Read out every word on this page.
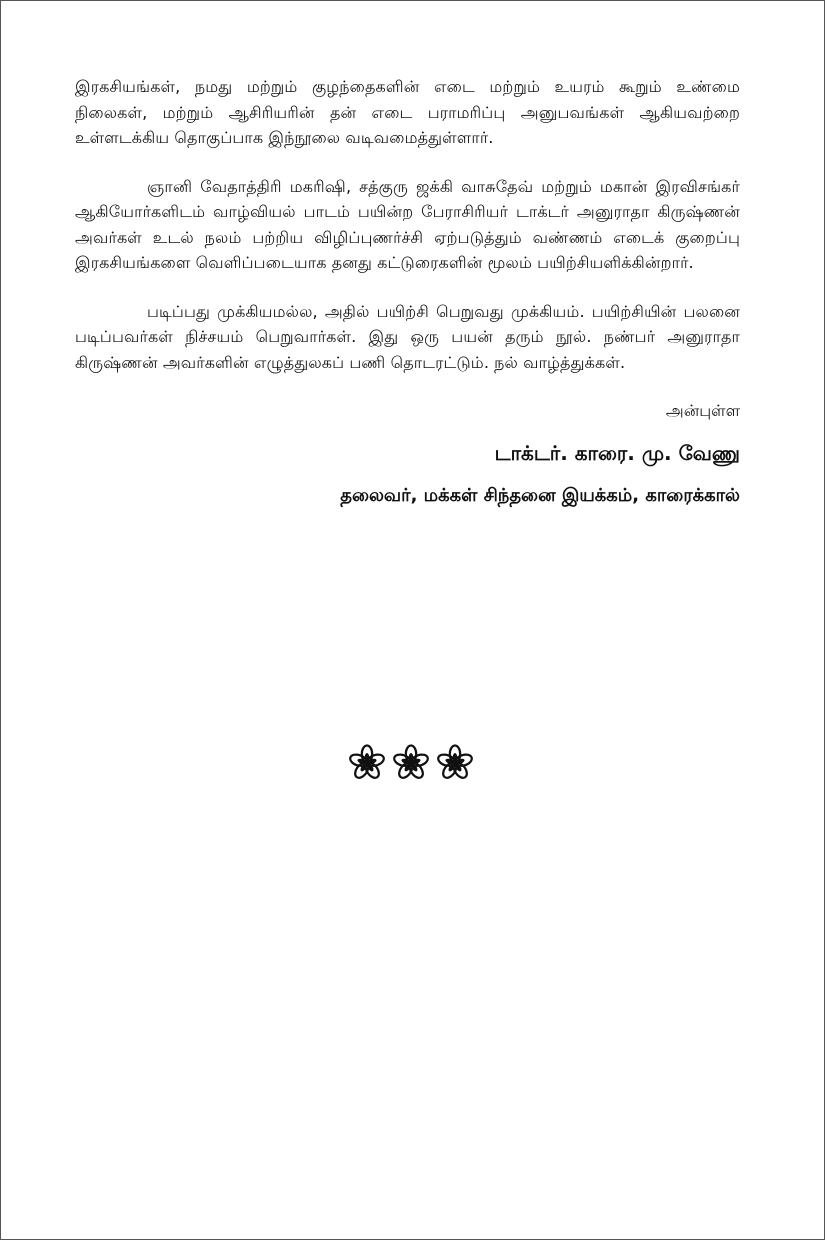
இரகசியங்கள், நமது மற்றும் குழந்தைகளின் எடை மற்றும் உயரம் கூறும் உண்மை நிலைகள், மற்றும் ஆசிரியரின் தன் எடை பராமரிப்பு அனுபவங்கள் ஆகியவற்றை உள்ளடக்கிய தொகுப்பாக இந்நூலை வடிவமைத்துள்ளார்.

ஞானி வேதாத்திரி மகரிஷி, சத்குரு ஜக்கி வாசுதேவ் மற்றும் மகான் இரவிசங்கர் ஆகியோர்களிடம் வாழ்வியல் பாடம் பயின்ற பேராசிரியர் டாக்டர் அனுராதா கிருஷ்ணன் அவர்கள் உடல் நலம் பற்றிய விழிப்புணர்ச்சி ஏற்படுத்தும் வண்ணம் எடைக் குறைப்பு இரகசியங்களை வெளிப்படையாக தனது கட்டுரைகளின் மூலம் பயிற்சியளிக்கின்றார்.

படிப்பது முக்கியமல்ல, அதில் பயிற்சி பெறுவது முக்கியம். பயிற்சியின் பலனை படிப்பவர்கள் நிச்சயம் பெறுவார்கள். இது ஒரு பயன் தரும் நூல். நண்பர் அனுராதா கிருஷ்ணன் அவர்களின் எழுத்துலகப் பணி தொடரட்டும். நல் வாழ்த்துக்கள்.

அன்புள்ள
டாக்டர். காரை. மு. வேணு
தலைவர், மக்கள் சிந்தனை இயக்கம், காரைக்கால்
